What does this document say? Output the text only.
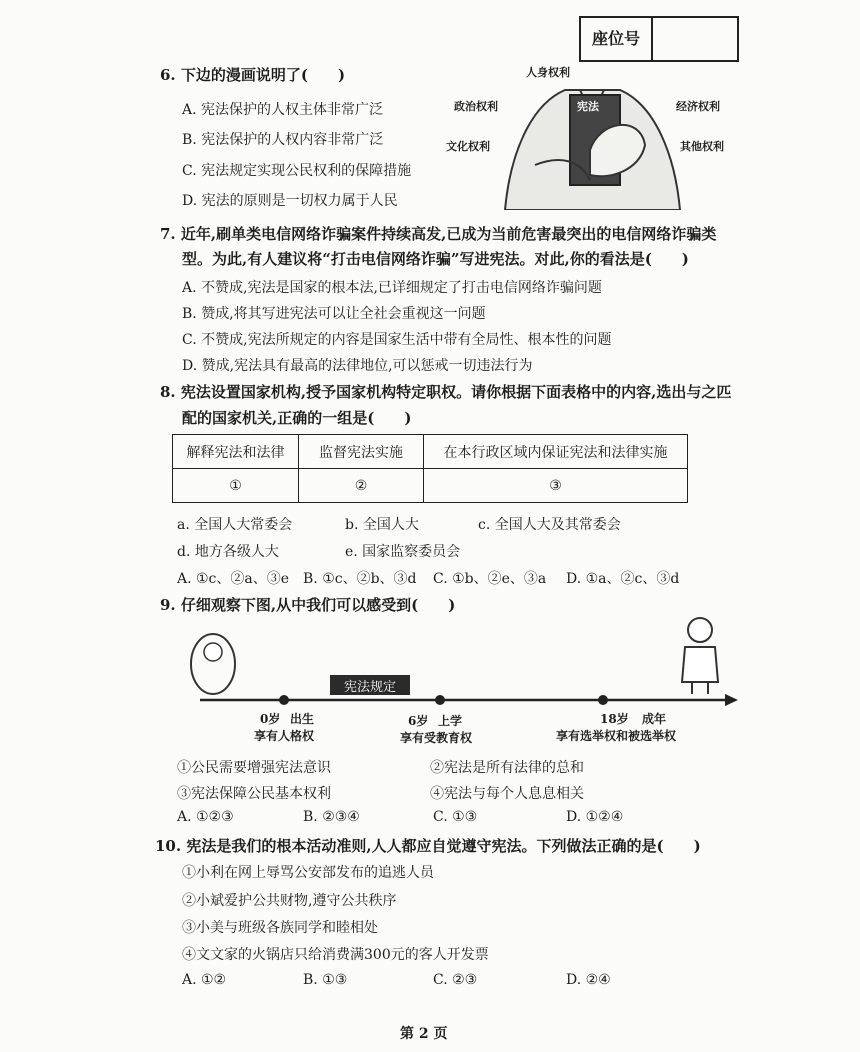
座位号
6. 下边的漫画说明了(　　)
A. 宪法保护的人权主体非常广泛
B. 宪法保护的人权内容非常广泛
C. 宪法规定实现公民权利的保障措施
D. 宪法的原则是一切权力属于人民
宪法
人身权利
政治权利	经济权利
文化权利	其他权利
7. 近年,刷单类电信网络诈骗案件持续高发,已成为当前危害最突出的电信网络诈骗类
型。为此,有人建议将“打击电信网络诈骗”写进宪法。对此,你的看法是(　　)
A. 不赞成,宪法是国家的根本法,已详细规定了打击电信网络诈骗问题
B. 赞成,将其写进宪法可以让全社会重视这一问题
C. 不赞成,宪法所规定的内容是国家生活中带有全局性、根本性的问题
D. 赞成,宪法具有最高的法律地位,可以惩戒一切违法行为
8. 宪法设置国家机构,授予国家机构特定职权。请你根据下面表格中的内容,选出与之匹
配的国家机关,正确的一组是(　　)
解释宪法和法律	监督宪法实施	在本行政区域内保证宪法和法律实施
①	②	③
a. 全国人大常委会	b. 全国人大	c. 全国人大及其常委会
d. 地方各级人大	e. 国家监察委员会
A. ①c、②a、③e B. ①c、②b、③d C. ①b、②e、③a D. ①a、②c、③d
9. 仔细观察下图,从中我们可以感受到(　　)
宪法规定
0岁 出生
享有人格权
6岁 上学
享有受教育权
18岁 成年
享有选举权和被选举权
①公民需要增强宪法意识	②宪法是所有法律的总和
③宪法保障公民基本权利	④宪法与每个人息息相关
A. ①②③	B. ②③④	C. ①③	D. ①②④
10. 宪法是我们的根本活动准则,人人都应自觉遵守宪法。下列做法正确的是(　　)
①小利在网上辱骂公安部发布的追逃人员
②小斌爱护公共财物,遵守公共秩序
③小美与班级各族同学和睦相处
④文文家的火锅店只给消费满300元的客人开发票
A. ①②	B. ①③	C. ②③	D. ②④
第 2 页
